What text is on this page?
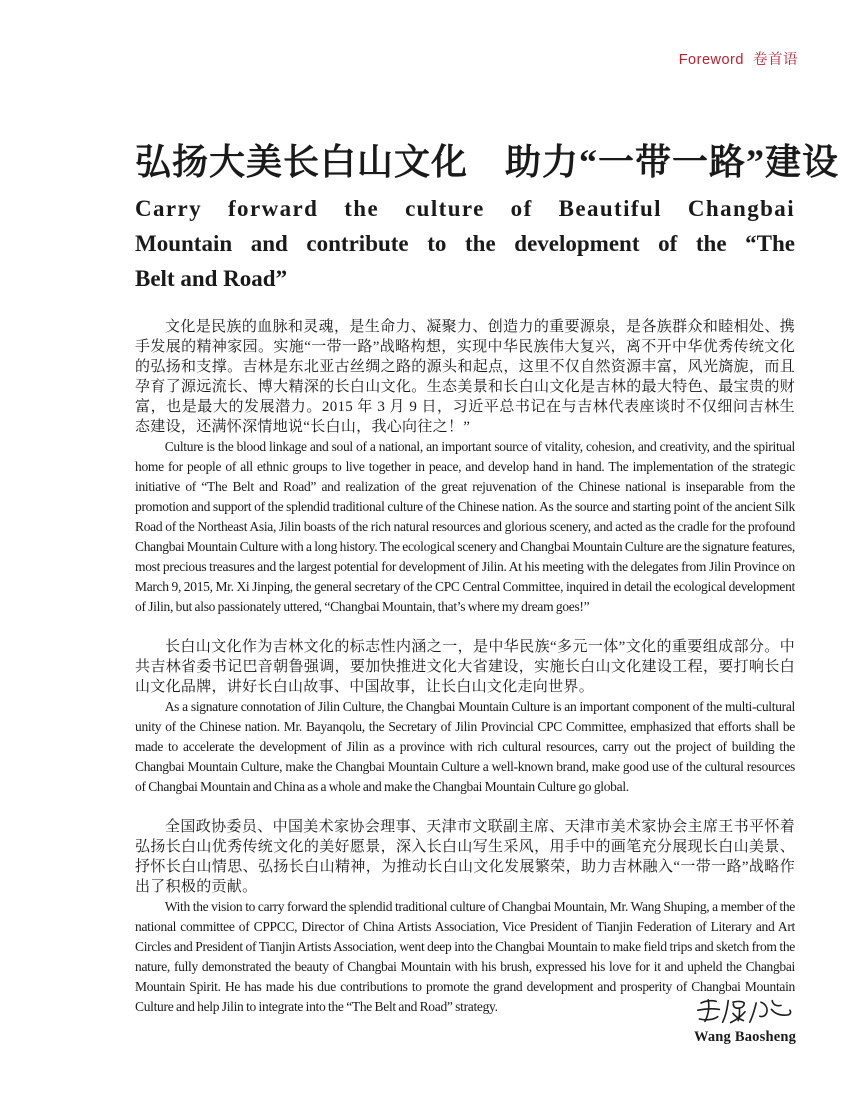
Foreword  卷首语
弘扬大美长白山文化　助力“一带一路”建设
Carry forward the culture of Beautiful Changbai
Mountain and contribute to the development of the “The
Belt and Road”

文化是民族的血脉和灵魂，是生命力、凝聚力、创造力的重要源泉，是各族群众和睦相处、携手发展的精神家园。实施“一带一路”战略构想，实现中华民族伟大复兴，离不开中华优秀传统文化的弘扬和支撑。吉林是东北亚古丝绸之路的源头和起点，这里不仅自然资源丰富，风光旖旎，而且孕育了源远流长、博大精深的长白山文化。生态美景和长白山文化是吉林的最大特色、最宝贵的财富，也是最大的发展潜力。2015 年 3 月 9 日，习近平总书记在与吉林代表座谈时不仅细问吉林生态建设，还满怀深情地说“长白山，我心向往之！”

Culture is the blood linkage and soul of a national, an important source of vitality, cohesion, and creativity, and the spiritual home for people of all ethnic groups to live together in peace, and develop hand in hand. The implementation of the strategic initiative of “The Belt and Road” and realization of the great rejuvenation of the Chinese national is inseparable from the promotion and support of the splendid traditional culture of the Chinese nation. As the source and starting point of the ancient Silk Road of the Northeast Asia, Jilin boasts of the rich natural resources and glorious scenery, and acted as the cradle for the profound Changbai Mountain Culture with a long history. The ecological scenery and Changbai Mountain Culture are the signature features, most precious treasures and the largest potential for development of Jilin. At his meeting with the delegates from Jilin Province on March 9, 2015, Mr. Xi Jinping, the general secretary of the CPC Central Committee, inquired in detail the ecological development of Jilin, but also passionately uttered, “Changbai Mountain, that’s where my dream goes!”

长白山文化作为吉林文化的标志性内涵之一，是中华民族“多元一体”文化的重要组成部分。中共吉林省委书记巴音朝鲁强调，要加快推进文化大省建设，实施长白山文化建设工程，要打响长白山文化品牌，讲好长白山故事、中国故事，让长白山文化走向世界。

As a signature connotation of Jilin Culture, the Changbai Mountain Culture is an important component of the multi-cultural unity of the Chinese nation. Mr. Bayanqolu, the Secretary of Jilin Provincial CPC Committee, emphasized that efforts shall be made to accelerate the development of Jilin as a province with rich cultural resources, carry out the project of building the Changbai Mountain Culture, make the Changbai Mountain Culture a well-known brand, make good use of the cultural resources of Changbai Mountain and China as a whole and make the Changbai Mountain Culture go global.

全国政协委员、中国美术家协会理事、天津市文联副主席、天津市美术家协会主席王书平怀着弘扬长白山优秀传统文化的美好愿景，深入长白山写生采风，用手中的画笔充分展现长白山美景、抒怀长白山情思、弘扬长白山精神，为推动长白山文化发展繁荣，助力吉林融入“一带一路”战略作出了积极的贡献。

With the vision to carry forward the splendid traditional culture of Changbai Mountain, Mr. Wang Shuping, a member of the national committee of CPPCC, Director of China Artists Association, Vice President of Tianjin Federation of Literary and Art Circles and President of Tianjin Artists Association, went deep into the Changbai Mountain to make field trips and sketch from the nature, fully demonstrated the beauty of Changbai Mountain with his brush, expressed his love for it and upheld the Changbai Mountain Spirit. He has made his due contributions to promote the grand development and prosperity of Changbai Mountain Culture and help Jilin to integrate into the “The Belt and Road” strategy.

Wang Baosheng
